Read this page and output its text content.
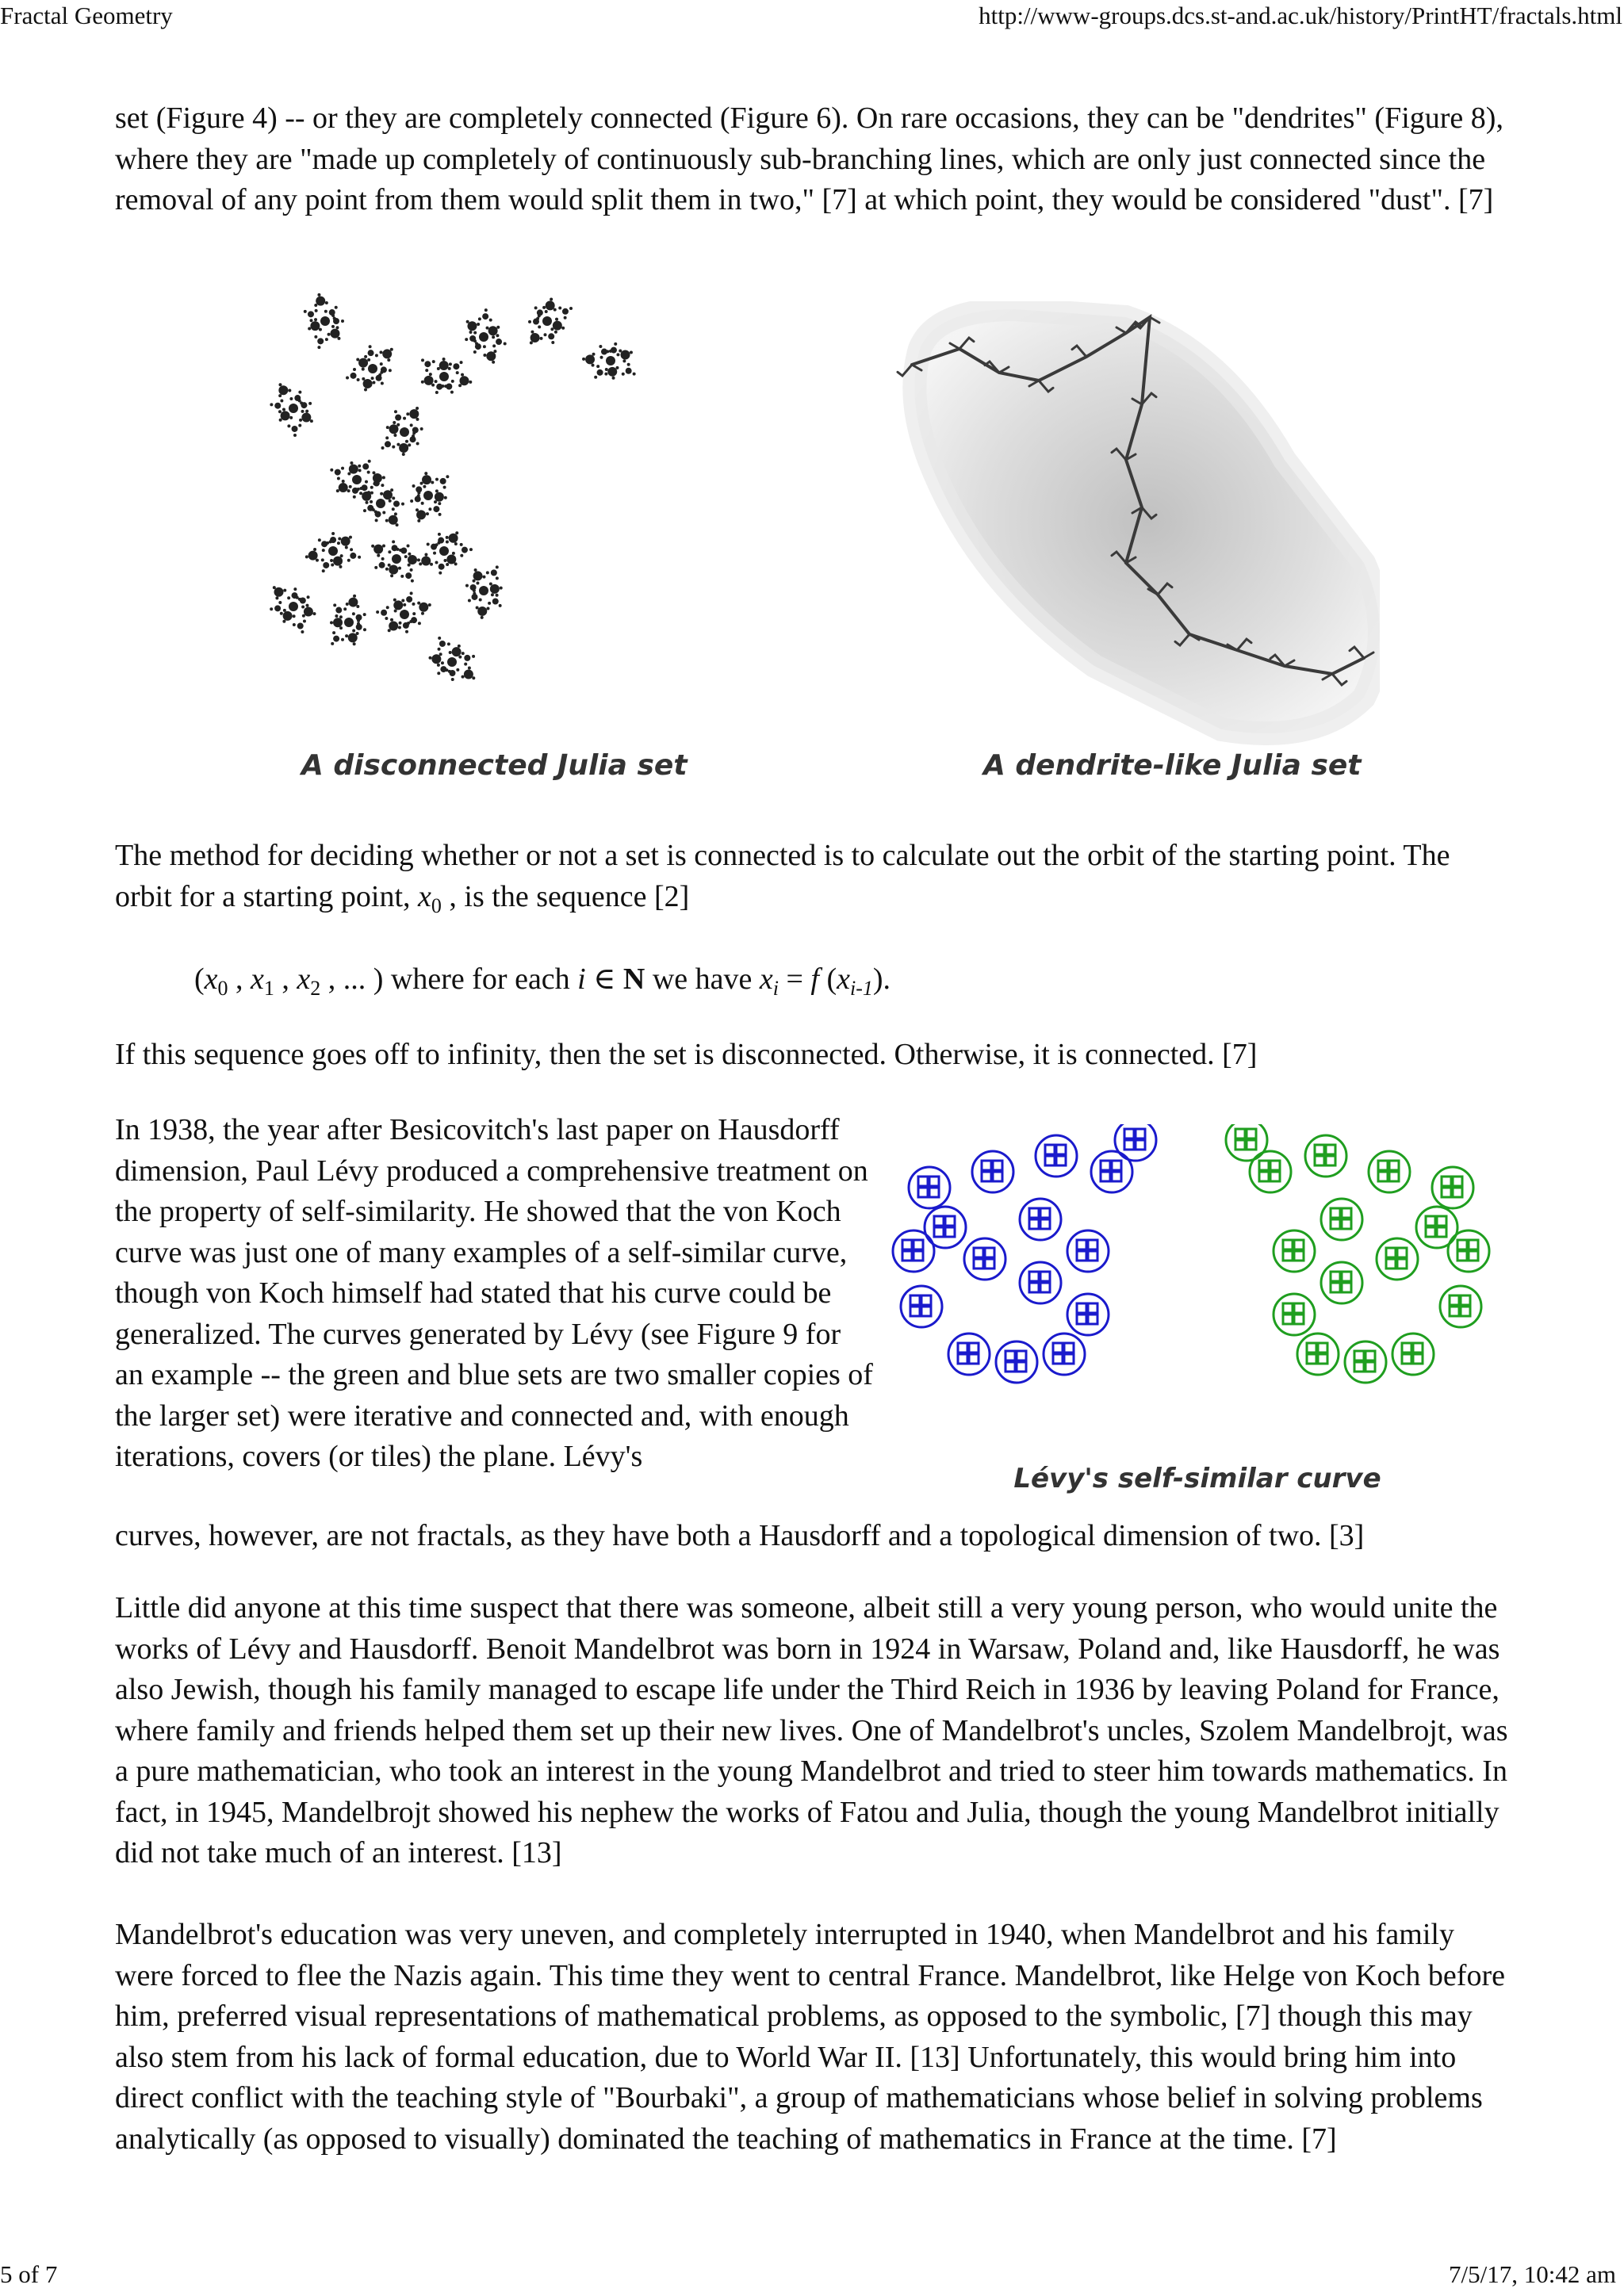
Fractal Geometry	http://www-groups.dcs.st-and.ac.uk/history/PrintHT/fractals.html
set (Figure 4) -- or they are completely connected (Figure 6). On rare occasions, they can be "dendrites" (Figure 8), where they are "made up completely of continuously sub-branching lines, which are only just connected since the removal of any point from them would split them in two," [7] at which point, they would be considered "dust". [7]
A disconnected Julia set	A dendrite-like Julia set
The method for deciding whether or not a set is connected is to calculate out the orbit of the starting point. The orbit for a starting point, $x_0$ , is the sequence [2]
($x_0$ , $x_1$ , $x_2$ , ... ) where for each i ∈ N we have $x_i = f$ $(x_{i-1})$.
If this sequence goes off to infinity, then the set is disconnected. Otherwise, it is connected. [7]
In 1938, the year after Besicovitch's last paper on Hausdorff dimension, Paul Lévy produced a comprehensive treatment on the property of self-similarity. He showed that the von Koch curve was just one of many examples of a self-similar curve, though von Koch himself had stated that his curve could be generalized. The curves generated by Lévy (see Figure 9 for an example -- the green and blue sets are two smaller copies of the larger set) were iterative and connected and, with enough iterations, covers (or tiles) the plane. Lévy's
curves, however, are not fractals, as they have both a Hausdorff and a topological dimension of two. [3]
Lévy's self-similar curve
Little did anyone at this time suspect that there was someone, albeit still a very young person, who would unite the works of Lévy and Hausdorff. Benoit Mandelbrot was born in 1924 in Warsaw, Poland and, like Hausdorff, he was also Jewish, though his family managed to escape life under the Third Reich in 1936 by leaving Poland for France, where family and friends helped them set up their new lives. One of Mandelbrot's uncles, Szolem Mandelbrojt, was a pure mathematician, who took an interest in the young Mandelbrot and tried to steer him towards mathematics. In fact, in 1945, Mandelbrojt showed his nephew the works of Fatou and Julia, though the young Mandelbrot initially did not take much of an interest. [13]
Mandelbrot's education was very uneven, and completely interrupted in 1940, when Mandelbrot and his family were forced to flee the Nazis again. This time they went to central France. Mandelbrot, like Helge von Koch before him, preferred visual representations of mathematical problems, as opposed to the symbolic, [7] though this may also stem from his lack of formal education, due to World War II. [13] Unfortunately, this would bring him into direct conflict with the teaching style of "Bourbaki", a group of mathematicians whose belief in solving problems analytically (as opposed to visually) dominated the teaching of mathematics in France at the time. [7]
5 of 7	7/5/17, 10:42 am
